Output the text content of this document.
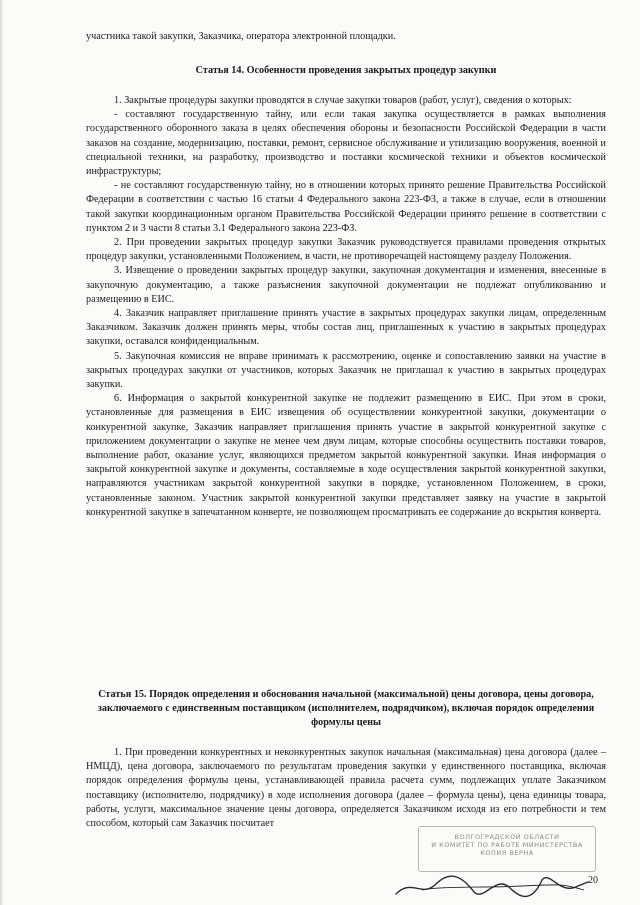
участника такой закупки, Заказчика, оператора электронной площадки.

Статья 14. Особенности проведения закрытых процедур закупки

1. Закрытые процедуры закупки проводятся в случае закупки товаров (работ, услуг), сведения о которых:

- составляют государственную тайну, или если такая закупка осуществляется в рамках выполнения государственного оборонного заказа в целях обеспечения обороны и безопасности Российской Федерации в части заказов на создание, модернизацию, поставки, ремонт, сервисное обслуживание и утилизацию вооружения, военной и специальной техники, на разработку, производство и поставки космической техники и объектов космической инфраструктуры;

- не составляют государственную тайну, но в отношении которых принято решение Правительства Российской Федерации в соответствии с частью 16 статьи 4 Федерального закона 223-ФЗ, а также в случае, если в отношении такой закупки координационным органом Правительства Российской Федерации принято решение в соответствии с пунктом 2 и 3 части 8 статьи 3.1 Федерального закона 223-ФЗ.

2. При проведении закрытых процедур закупки Заказчик руководствуется правилами проведения открытых процедур закупки, установленными Положением, в части, не противоречащей настоящему разделу Положения.

3. Извещение о проведении закрытых процедур закупки, закупочная документация и изменения, внесенные в закупочную документацию, а также разъяснения закупочной документации не подлежат опубликованию и размещению в ЕИС.

4. Заказчик направляет приглашение принять участие в закрытых процедурах закупки лицам, определенным Заказчиком. Заказчик должен принять меры, чтобы состав лиц, приглашенных к участию в закрытых процедурах закупки, оставался конфиденциальным.

5. Закупочная комиссия не вправе принимать к рассмотрению, оценке и сопоставлению заявки на участие в закрытых процедурах закупки от участников, которых Заказчик не приглашал к участию в закрытых процедурах закупки.

6. Информация о закрытой конкурентной закупке не подлежит размещению в ЕИС. При этом в сроки, установленные для размещения в ЕИС извещения об осуществлении конкурентной закупки, документации о конкурентной закупке, Заказчик направляет приглашения принять участие в закрытой конкурентной закупке с приложением документации о закупке не менее чем двум лицам, которые способны осуществить поставки товаров, выполнение работ, оказание услуг, являющихся предметом закрытой конкурентной закупки. Иная информация о закрытой конкурентной закупке и документы, составляемые в ходе осуществления закрытой конкурентной закупки, направляются участникам закрытой конкурентной закупки в порядке, установленном Положением, в сроки, установленные законом. Участник закрытой конкурентной закупки представляет заявку на участие в закрытой конкурентной закупке в запечатанном конверте, не позволяющем просматривать ее содержание до вскрытия конверта.

Статья 15. Порядок определения и обоснования начальной (максимальной) цены договора, цены договора, заключаемого с единственным поставщиком (исполнителем, подрядчиком), включая порядок определения формулы цены

1. При проведении конкурентных и неконкурентных закупок начальная (максимальная) цена договора (далее – НМЦД), цена договора, заключаемого по результатам проведения закупки у единственного поставщика, включая порядок определения формулы цены, устанавливающей правила расчета сумм, подлежащих уплате Заказчиком поставщику (исполнителю, подрядчику) в ходе исполнения договора (далее – формула цены), цена единицы товара, работы, услуги, максимальное значение цены договора, определяется Заказчиком исходя из его потребности и тем способом, который сам Заказчик посчитает

ВОЛГОГРАДСКОЙ ОБЛАСТИ
И КОМИТЕТ ПО РАБОТЕ МИНИСТЕРСТВА
КОПИЯ ВЕРНА
20
